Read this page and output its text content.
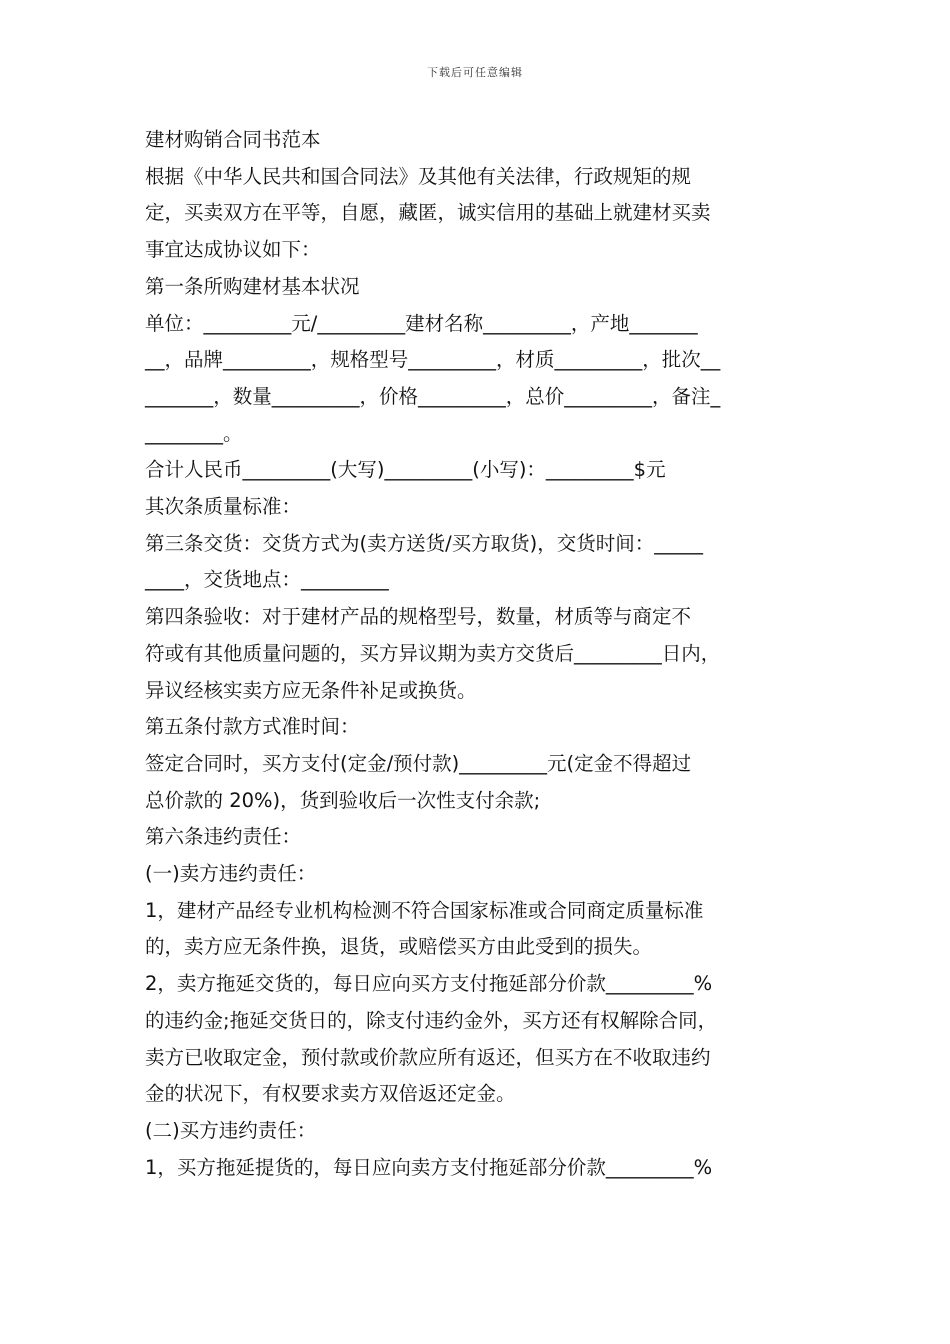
下载后可任意编辑

建材购销合同书范本

根据《中华人民共和国合同法》及其他有关法律，行政规矩的规

定，买卖双方在平等，自愿，藏匿，诚实信用的基础上就建材买卖

事宜达成协议如下：

第一条所购建材基本状况

单位：_________元/_________建材名称_________，产地_______

__，品牌_________，规格型号_________，材质_________，批次__

_______，数量_________，价格_________，总价_________，备注_

________。

合计人民币_________(大写)_________(小写)：_________$元

其次条质量标准：

第三条交货：交货方式为(卖方送货/买方取货)，交货时间：_____

____，交货地点：_________

第四条验收：对于建材产品的规格型号，数量，材质等与商定不

符或有其他质量问题的，买方异议期为卖方交货后_________日内，

异议经核实卖方应无条件补足或换货。

第五条付款方式准时间：

签定合同时，买方支付(定金/预付款)_________元(定金不得超过

总价款的 20%)，货到验收后一次性支付余款;

第六条违约责任：

(一)卖方违约责任：

1，建材产品经专业机构检测不符合国家标准或合同商定质量标准

的，卖方应无条件换，退货，或赔偿买方由此受到的损失。

2，卖方拖延交货的，每日应向买方支付拖延部分价款_________%

的违约金;拖延交货日的，除支付违约金外，买方还有权解除合同，

卖方已收取定金，预付款或价款应所有返还，但买方在不收取违约

金的状况下，有权要求卖方双倍返还定金。

(二)买方违约责任：

1，买方拖延提货的，每日应向卖方支付拖延部分价款_________%
